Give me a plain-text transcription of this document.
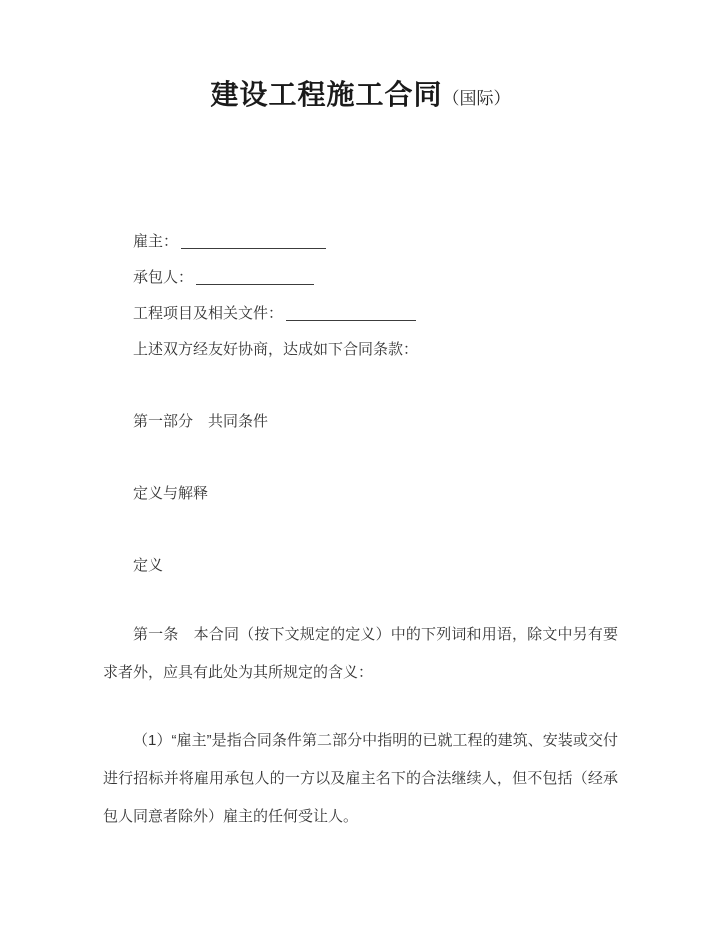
建设工程施工合同（国际）

雇主：

承包人：

工程项目及相关文件：

上述双方经友好协商，达成如下合同条款：

第一部分　共同条件

定义与解释

定义

第一条　本合同（按下文规定的定义）中的下列词和用语，除文中另有要求者外，应具有此处为其所规定的含义：

（1）“雇主”是指合同条件第二部分中指明的已就工程的建筑、安装或交付进行招标并将雇用承包人的一方以及雇主名下的合法继续人，但不包括（经承包人同意者除外）雇主的任何受让人。
